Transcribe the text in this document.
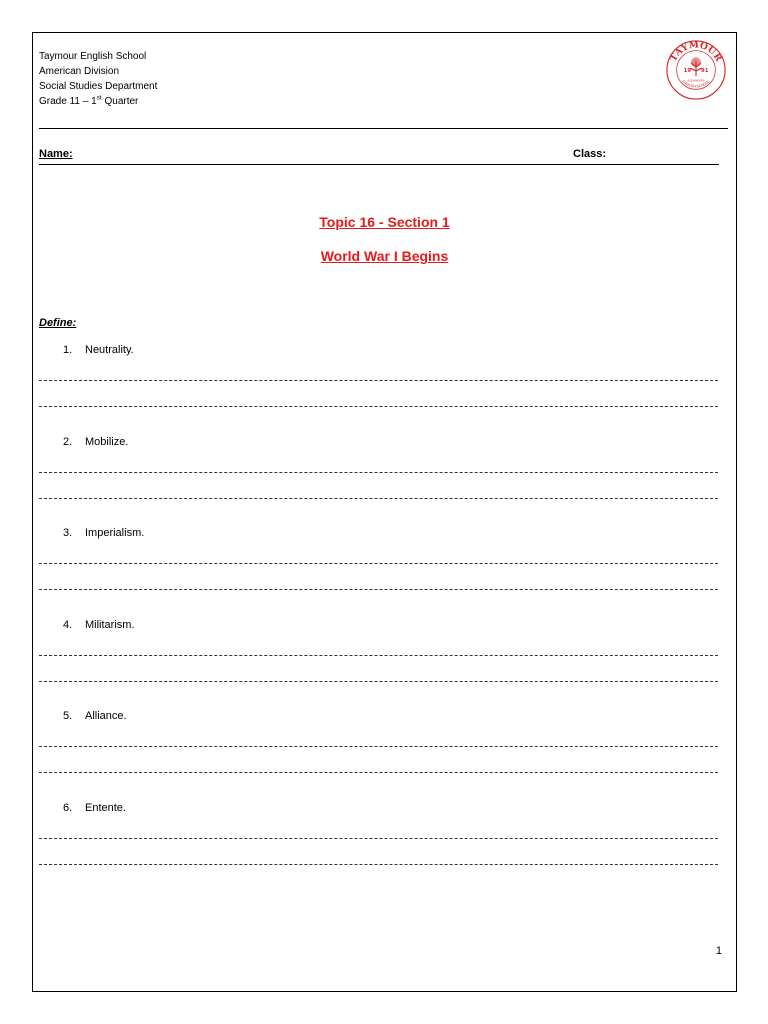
Taymour English School
American Division
Social Studies Department
Grade 11 – 1st Quarter
TAYMOUR
ENGLISH SCHOOL
19 91
ALEXANDRIA
Name:	Class:
Topic 16 - Section 1
World War I Begins
Define:
1. Neutrality.
2. Mobilize.
3. Imperialism.
4. Militarism.
5. Alliance.
6. Entente.
1
